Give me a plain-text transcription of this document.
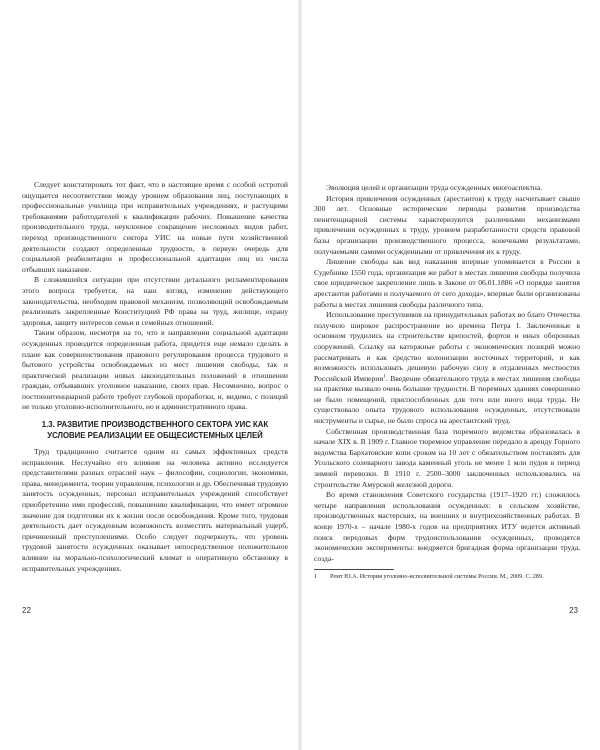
Следует констатировать тот факт, что в настоящее время с особой остротой ощущается несоответствие между уровнем образования лиц, поступающих в профессиональные училища при исправительных учреждениях, и растущими требованиями работодателей к квалификации рабочих. Повышение качества производительного труда, неуклонное сокращение несложных видов работ, переход производственного сектора УИС на новые пути хозяйственной деятельности создают определенные трудности, в первую очередь для социальной реабилитации и профессиональной адаптации лиц из числа отбывших наказание.

В сложившейся ситуации при отсутствии детального регламентирования этого вопроса требуется, на наш взгляд, изменение действующего законодательства, необходим правовой механизм, позволяющий освобождаемым реализовать закрепленные Конституцией РФ права на труд, жилище, охрану здоровья, защиту интересов семьи и семейных отношений.

Таким образом, несмотря на то, что в направлении социальной адаптации осужденных проводится определенная работа, придется еще немало сделать в плане как совершенствования правового регулирования процесса трудового и бытового устройства освобождаемых из мест лишения свободы, так и практической реализации новых законодательных положений в отношении граждан, отбывавших уголовное наказание, своих прав. Несомненно, вопрос о постпенитенциарной работе требует глубокой проработки, и, видимо, с позиций не только уголовно-исполнительного, но и административного права.

1.3. РАЗВИТИЕ ПРОИЗВОДСТВЕННОГО СЕКТОРА УИС КАК УСЛОВИЕ РЕАЛИЗАЦИИ ЕЕ ОБЩЕСИСТЕМНЫХ ЦЕЛЕЙ

Труд традиционно считается одним из самых эффективных средств исправления. Неслучайно его влияние на человека активно исследуется представителями разных отраслей наук – философии, социологии, экономики, права, менеджмента, теории управления, психологии и др. Обеспечивая трудовую занятость осужденных, персонал исправительных учреждений способствует приобретению ими профессий, повышению квалификации, что имеет огромное значение для подготовки их к жизни после освобождения. Кроме того, трудовая деятельность дает осужденным возможность возместить материальный ущерб, причиненный преступлениями. Особо следует подчеркнуть, что уровень трудовой занятости осужденных оказывает непосредственное положительное влияние на морально-психологический климат и оперативную обстановку в исправительных учреждениях.

22

Эволюция целей и организации труда осужденных многоаспектна.

История привлечения осужденных (арестантов) к труду насчитывает свыше 300 лет. Основные исторические периоды развития производства пенитенциарной системы характеризуются различными механизмами привлечения осужденных к труду, уровнем разработанности средств правовой базы организации производственного процесса, конечными результатами, получаемыми самими осужденными от привлечения их к труду.

Лишение свободы как вид наказания впервые упоминается в России в Судебнике 1550 года, организация же работ в местах лишения свободы получила свое юридическое закрепление лишь в Законе от 06.01.1886 «О порядке занятия арестантов работами и получаемого от сего дохода», впервые были организованы работы в местах лишения свободы различного типа.

Использование преступников на принудительных работах во благо Отечества получило широкое распространение во времена Петра I. Заключенные в основном трудились на строительстве крепостей, фортов и иных оборонных сооружений. Ссылку на каторжные работы с экономических позиций можно рассматривать и как средство колонизации восточных территорий, и как возможность использовать дешевую рабочую силу в отдаленных местностях Российской Империи$^1$. Введение обязательного труда в местах лишения свободы на практике вызвало очень большие трудности. В тюремных зданиях совершенно не было помещений, приспособленных для того или иного вида труда. Не существовало опыта трудового использования осужденных, отсутствовали инструменты и сырье, не было спроса на арестантский труд.

Собственная производственная база тюремного ведомства образовалась в начале XIX в. В 1909 г. Главное тюремное управление передало в аренду Горного ведомства Бархатовские копи сроком на 10 лет с обязательством поставлять для Усольского солеварного завода каменный уголь не менее 1 млн пудов в период зимней перевозки. В 1910 г. 2500–3000 заключенных использовались на строительстве Амурской железной дороги.

Во время становления Советского государства (1917–1920 гг.) сложилось четыре направления использования осужденных: в сельском хозяйстве, производственных мастерских, на внешних и внутрихозяйственных работах. В конце 1970-х – начале 1980-х годов на предприятиях ИТУ ведется активный поиск передовых форм трудоиспользования осужденных, проводятся экономические эксперименты: внедряется бригадная форма организации труда, созда-

1	Ремт Ю.А. История уголовно-исполнительной системы России. М., 2009. С. 289.
23
